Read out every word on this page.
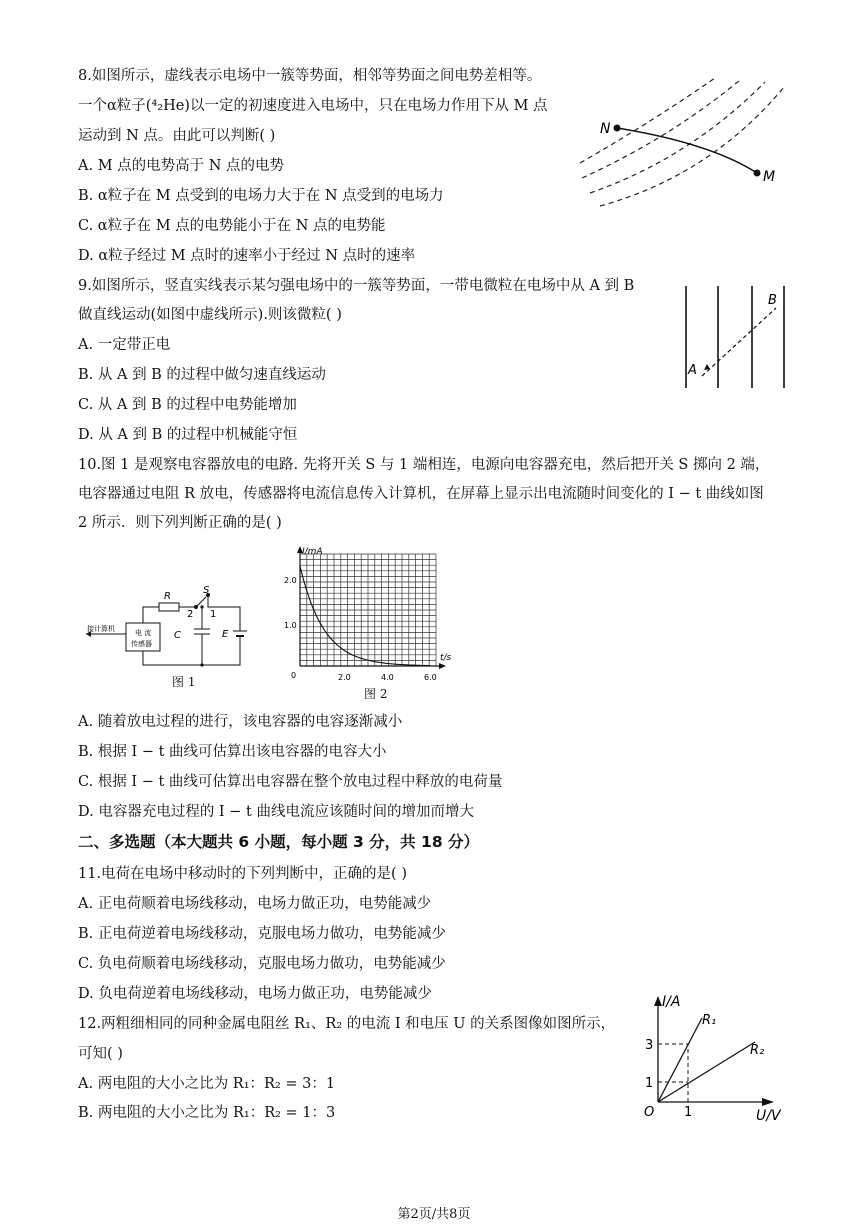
8.如图所示，虚线表示电场中一簇等势面，相邻等势面之间电势差相等。
一个α粒子(⁴₂He)以一定的初速度进入电场中，只在电场力作用下从 M 点
运动到 N 点。由此可以判断( )
A. M 点的电势高于 N 点的电势
B. α粒子在 M 点受到的电场力大于在 N 点受到的电场力
C. α粒子在 M 点的电势能小于在 N 点的电势能
D. α粒子经过 M 点时的速率小于经过 N 点时的速率
N
M
9.如图所示，竖直实线表示某匀强电场中的一簇等势面，一带电微粒在电场中从 A 到 B
做直线运动(如图中虚线所示).则该微粒( )
A. 一定带正电
B. 从 A 到 B 的过程中做匀速直线运动
C. 从 A 到 B 的过程中电势能增加
D. 从 A 到 B 的过程中机械能守恒
A
B
10.图 1 是观察电容器放电的电路. 先将开关 S 与 1 端相连，电源向电容器充电，然后把开关 S 掷向 2 端，
电容器通过电阻 R 放电，传感器将电流信息传入计算机，在屏幕上显示出电流随时间变化的 I − t 曲线如图
2 所示．则下列判断正确的是( )
接计算机	电 流
传感器
R
S
1
2
C	E
图 1
I/mA
t/s
0
2.0
1.0
2.0	4.0	6.0
图 2
A. 随着放电过程的进行，该电容器的电容逐渐减小
B. 根据 I − t 曲线可估算出该电容器的电容大小
C. 根据 I − t 曲线可估算出电容器在整个放电过程中释放的电荷量
D. 电容器充电过程的 I − t 曲线电流应该随时间的增加而增大
二、多选题（本大题共 6 小题，每小题 3 分，共 18 分）
11.电荷在电场中移动时的下列判断中，正确的是( )
A. 正电荷顺着电场线移动，电场力做正功，电势能减少
B. 正电荷逆着电场线移动，克服电场力做功，电势能减少
C. 负电荷顺着电场线移动，克服电场力做功，电势能减少
D. 负电荷逆着电场线移动，电场力做正功，电势能减少
12.两粗细相同的同种金属电阻丝 R₁、R₂ 的电流 I 和电压 U 的关系图像如图所示，
可知( )
A. 两电阻的大小之比为 R₁：R₂ = 3：1
B. 两电阻的大小之比为 R₁：R₂ = 1：3
I/A
U/V
O
R₁
R₂
3
1
1
第2页/共8页
